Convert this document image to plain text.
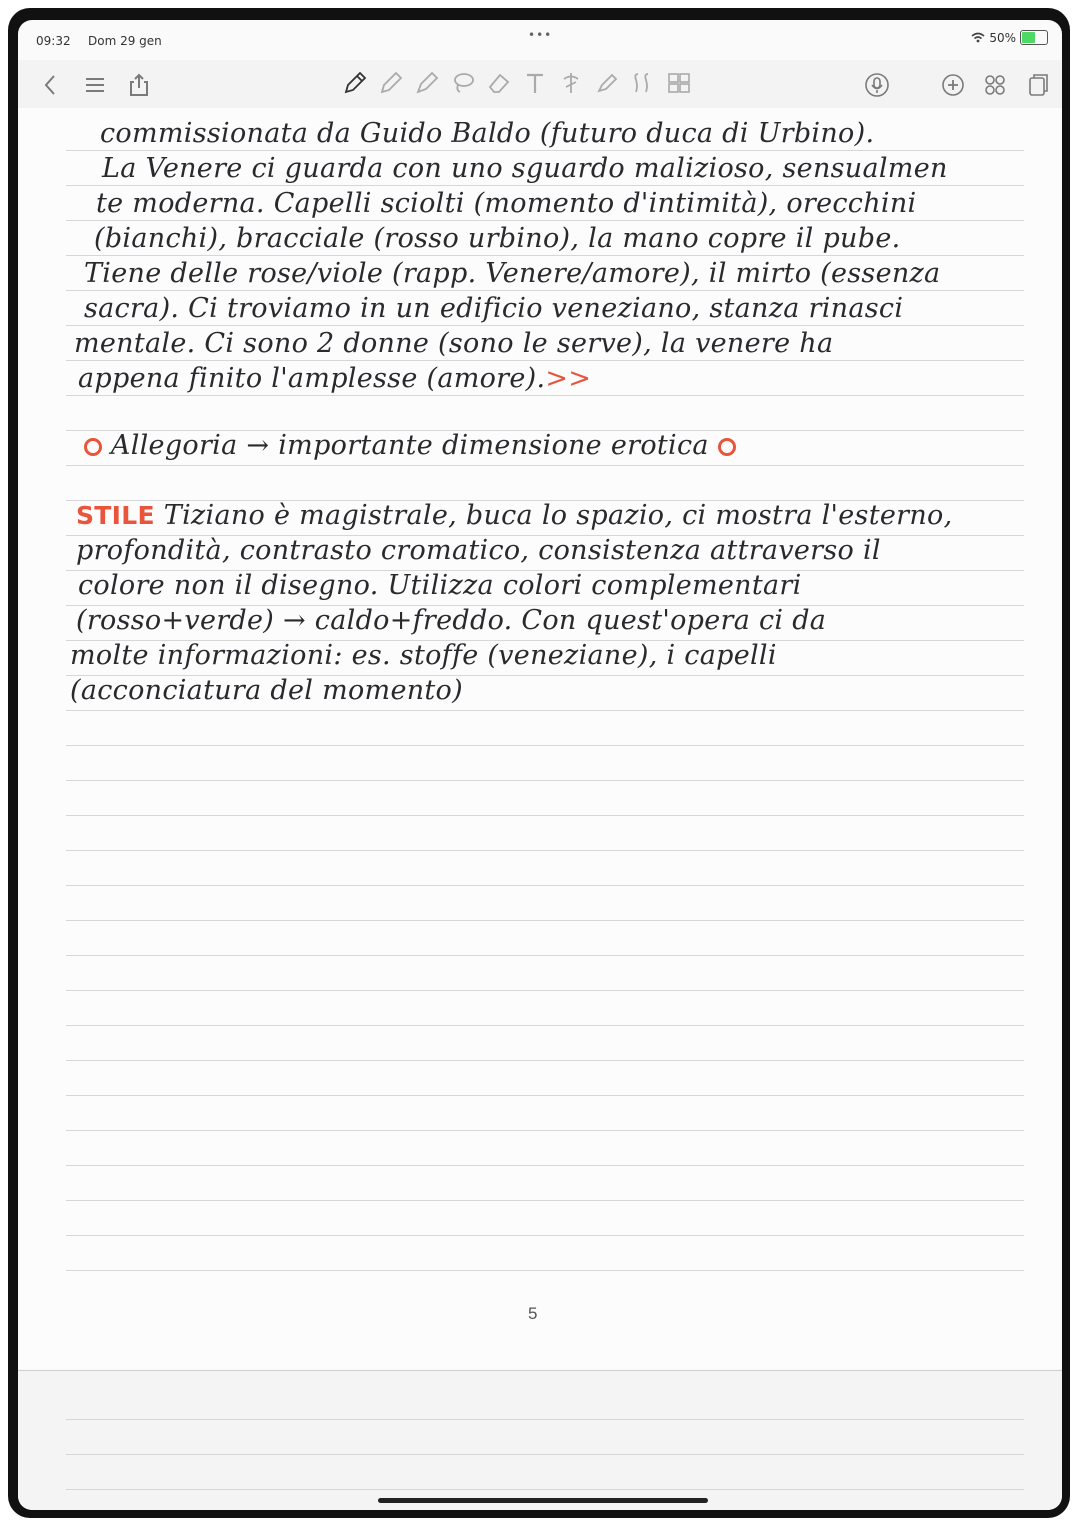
09:32 Dom 29 gen	•••	50%
commissionata da Guido Baldo (futuro duca di Urbino).
La Venere ci guarda con uno sguardo malizioso, sensualmen
te moderna. Capelli sciolti (momento d'intimità), orecchini
(bianchi), bracciale (rosso urbino), la mano copre il pube.
Tiene delle rose/viole (rapp. Venere/amore), il mirto (essenza
sacra). Ci troviamo in un edificio veneziano, stanza rinasci
mentale. Ci sono 2 donne (sono le serve), la venere ha
appena finito l'amplesse (amore).>>
Allegoria → importante dimensione erotica
STILE Tiziano è magistrale, buca lo spazio, ci mostra l'esterno,
profondità, contrasto cromatico, consistenza attraverso il
colore non il disegno. Utilizza colori complementari
(rosso+verde) → caldo+freddo. Con quest'opera ci da
molte informazioni: es. stoffe (veneziane), i capelli
(acconciatura del momento)
5
